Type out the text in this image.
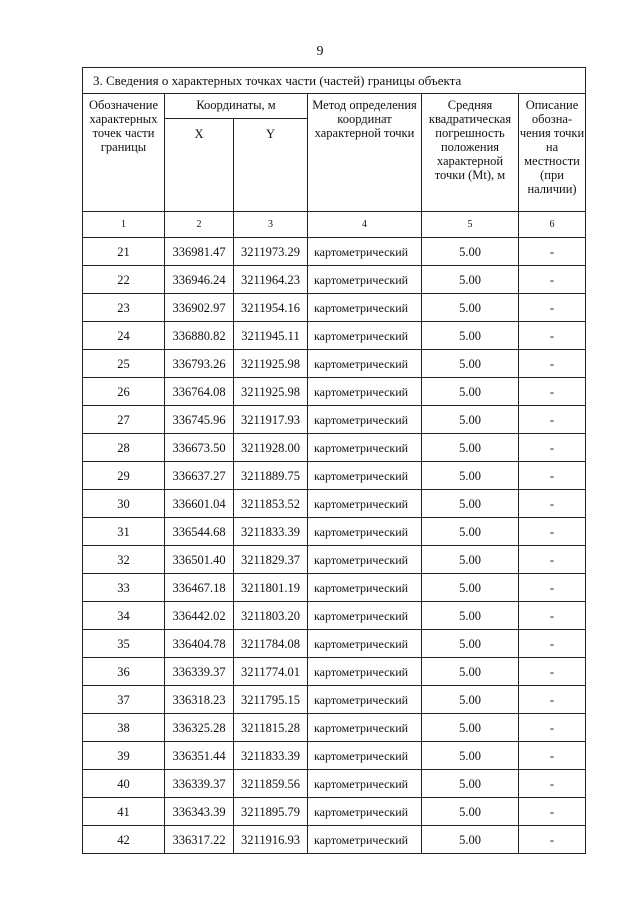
9
3. Сведения о характерных точках части (частей) границы объекта					
Обозначение характерных точек части границы	Координаты, м		Метод определения координат характерной точки	Средняя квадратическая погрешность положения характерной точки (Mt), м	Описание обозна-чения точки на местности (при наличии)
	X	Y			
1	2	3	4	5	6
21	336981.47	3211973.29	картометрический	5.00	-
22	336946.24	3211964.23	картометрический	5.00	-
23	336902.97	3211954.16	картометрический	5.00	-
24	336880.82	3211945.11	картометрический	5.00	-
25	336793.26	3211925.98	картометрический	5.00	-
26	336764.08	3211925.98	картометрический	5.00	-
27	336745.96	3211917.93	картометрический	5.00	-
28	336673.50	3211928.00	картометрический	5.00	-
29	336637.27	3211889.75	картометрический	5.00	-
30	336601.04	3211853.52	картометрический	5.00	-
31	336544.68	3211833.39	картометрический	5.00	-
32	336501.40	3211829.37	картометрический	5.00	-
33	336467.18	3211801.19	картометрический	5.00	-
34	336442.02	3211803.20	картометрический	5.00	-
35	336404.78	3211784.08	картометрический	5.00	-
36	336339.37	3211774.01	картометрический	5.00	-
37	336318.23	3211795.15	картометрический	5.00	-
38	336325.28	3211815.28	картометрический	5.00	-
39	336351.44	3211833.39	картометрический	5.00	-
40	336339.37	3211859.56	картометрический	5.00	-
41	336343.39	3211895.79	картометрический	5.00	-
42	336317.22	3211916.93	картометрический	5.00	-
